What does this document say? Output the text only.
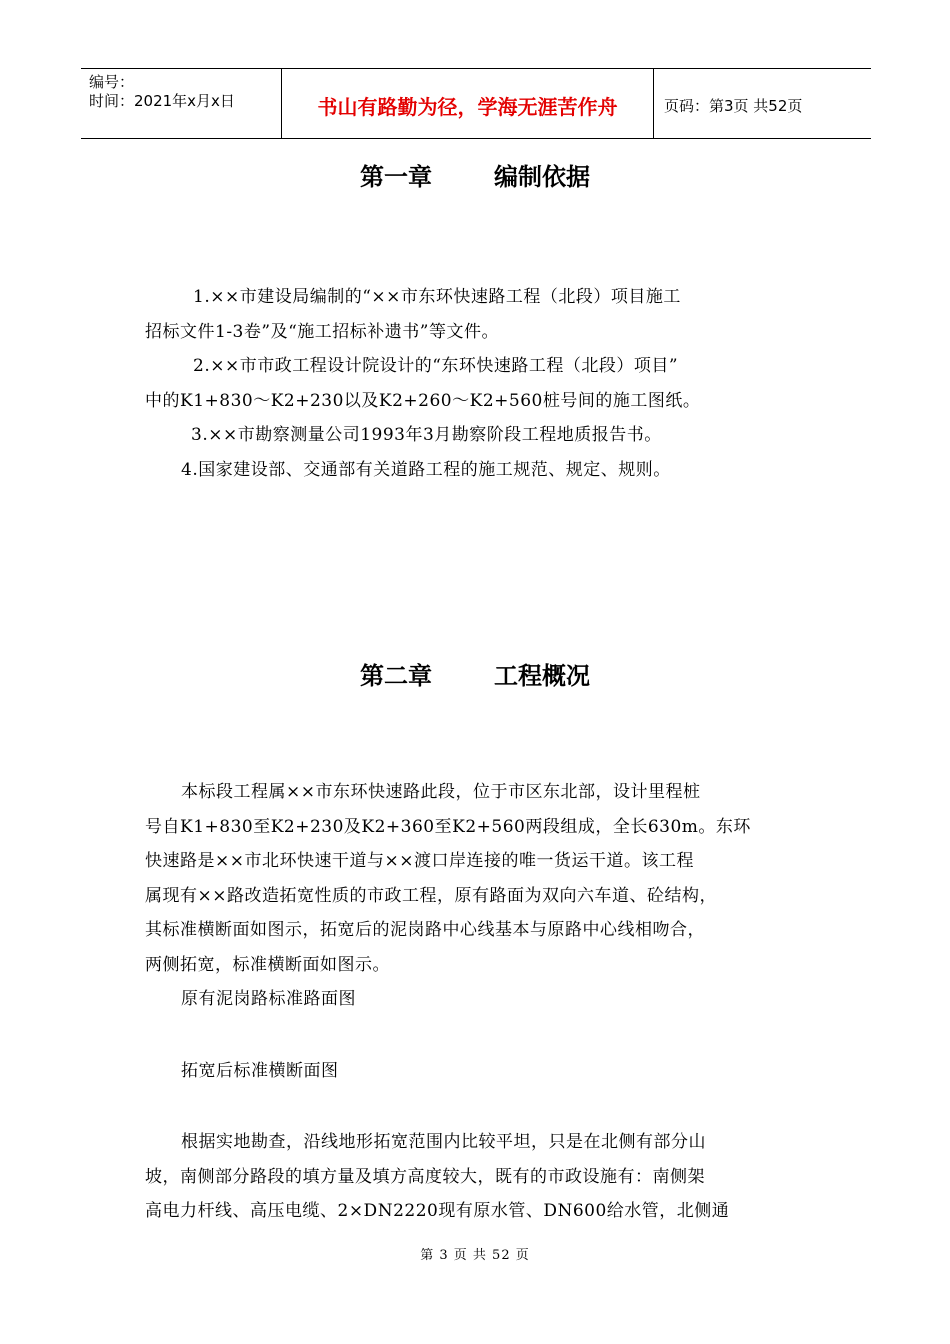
编号：
时间：2021年x月x日	书山有路勤为径，学海无涯苦作舟	页码：第3页 共52页
第一章	编制依据
1.××市建设局编制的“××市东环快速路工程（北段）项目施工
招标文件1-3卷”及“施工招标补遗书”等文件。
2.××市市政工程设计院设计的“东环快速路工程（北段）项目”
中的K1+830～K2+230以及K2+260～K2+560桩号间的施工图纸。
3.××市勘察测量公司1993年3月勘察阶段工程地质报告书。
4.国家建设部、交通部有关道路工程的施工规范、规定、规则。
第二章	工程概况
本标段工程属××市东环快速路此段，位于市区东北部，设计里程桩
号自K1+830至K2+230及K2+360至K2+560两段组成，全长630m。东环
快速路是××市北环快速干道与××渡口岸连接的唯一货运干道。该工程
属现有××路改造拓宽性质的市政工程，原有路面为双向六车道、砼结构，
其标准横断面如图示，拓宽后的泥岗路中心线基本与原路中心线相吻合，
两侧拓宽，标准横断面如图示。
原有泥岗路标准路面图
拓宽后标准横断面图
根据实地勘查，沿线地形拓宽范围内比较平坦，只是在北侧有部分山
坡，南侧部分路段的填方量及填方高度较大，既有的市政设施有：南侧架
高电力杆线、高压电缆、2×DN2220现有原水管、DN600给水管，北侧通
第 3 页 共 52 页
